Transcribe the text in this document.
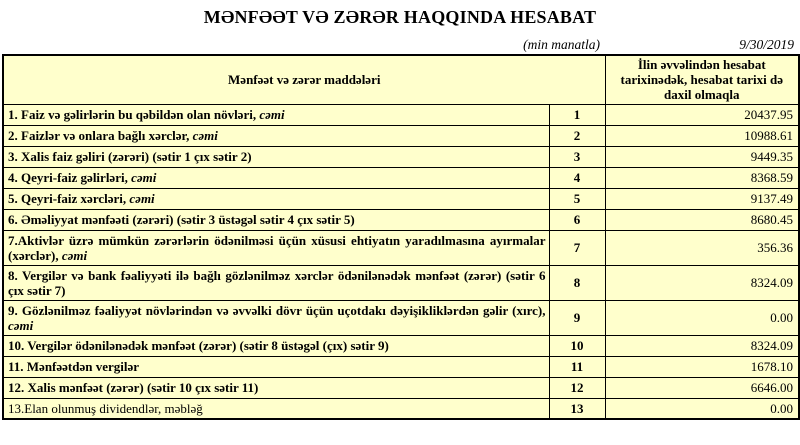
MƏNFƏƏT VƏ ZƏRƏR HAQQINDA HESABAT
(min manatla)	9/30/2019
Mənfəət və zərər maddələri		İlin əvvəlindən hesabat tarixinədək, hesabat tarixi də daxil olmaqla
1. Faiz və gəlirlərin bu qəbildən olan növləri, cəmi	1	20437.95
2. Faizlər və onlara bağlı xərclər, cəmi	2	10988.61
3. Xalis faiz gəliri (zərəri) (sətir 1 çıx sətir 2)	3	9449.35
4. Qeyri-faiz gəlirləri, cəmi	4	8368.59
5. Qeyri-faiz xərcləri, cəmi	5	9137.49
6. Əməliyyat mənfəəti (zərəri) (sətir 3 üstəgəl sətir 4 çıx sətir 5)	6	8680.45
7.Aktivlər üzrə mümkün zərərlərin ödənilməsi üçün xüsusi ehtiyatın yaradılmasına ayırmalar (xərclər), cəmi	7	356.36
8. Vergilər və bank fəaliyyəti ilə bağlı gözlənilməz xərclər ödənilənədək mənfəət (zərər) (sətir 6 çıx sətir 7)	8	8324.09
9. Gözlənilməz fəaliyyət növlərindən və əvvəlki dövr üçün uçotdakı dəyişikliklərdən gəlir (xırc), cəmi	9	0.00
10. Vergilər ödənilənədək mənfəət (zərər) (sətir 8 üstəgəl (çıx) sətir 9)	10	8324.09
11. Mənfəətdən vergilər	11	1678.10
12. Xalis mənfəət (zərər) (sətir 10 çıx sətir 11)	12	6646.00
13.Elan olunmuş dividendlər, məbləğ	13	0.00
